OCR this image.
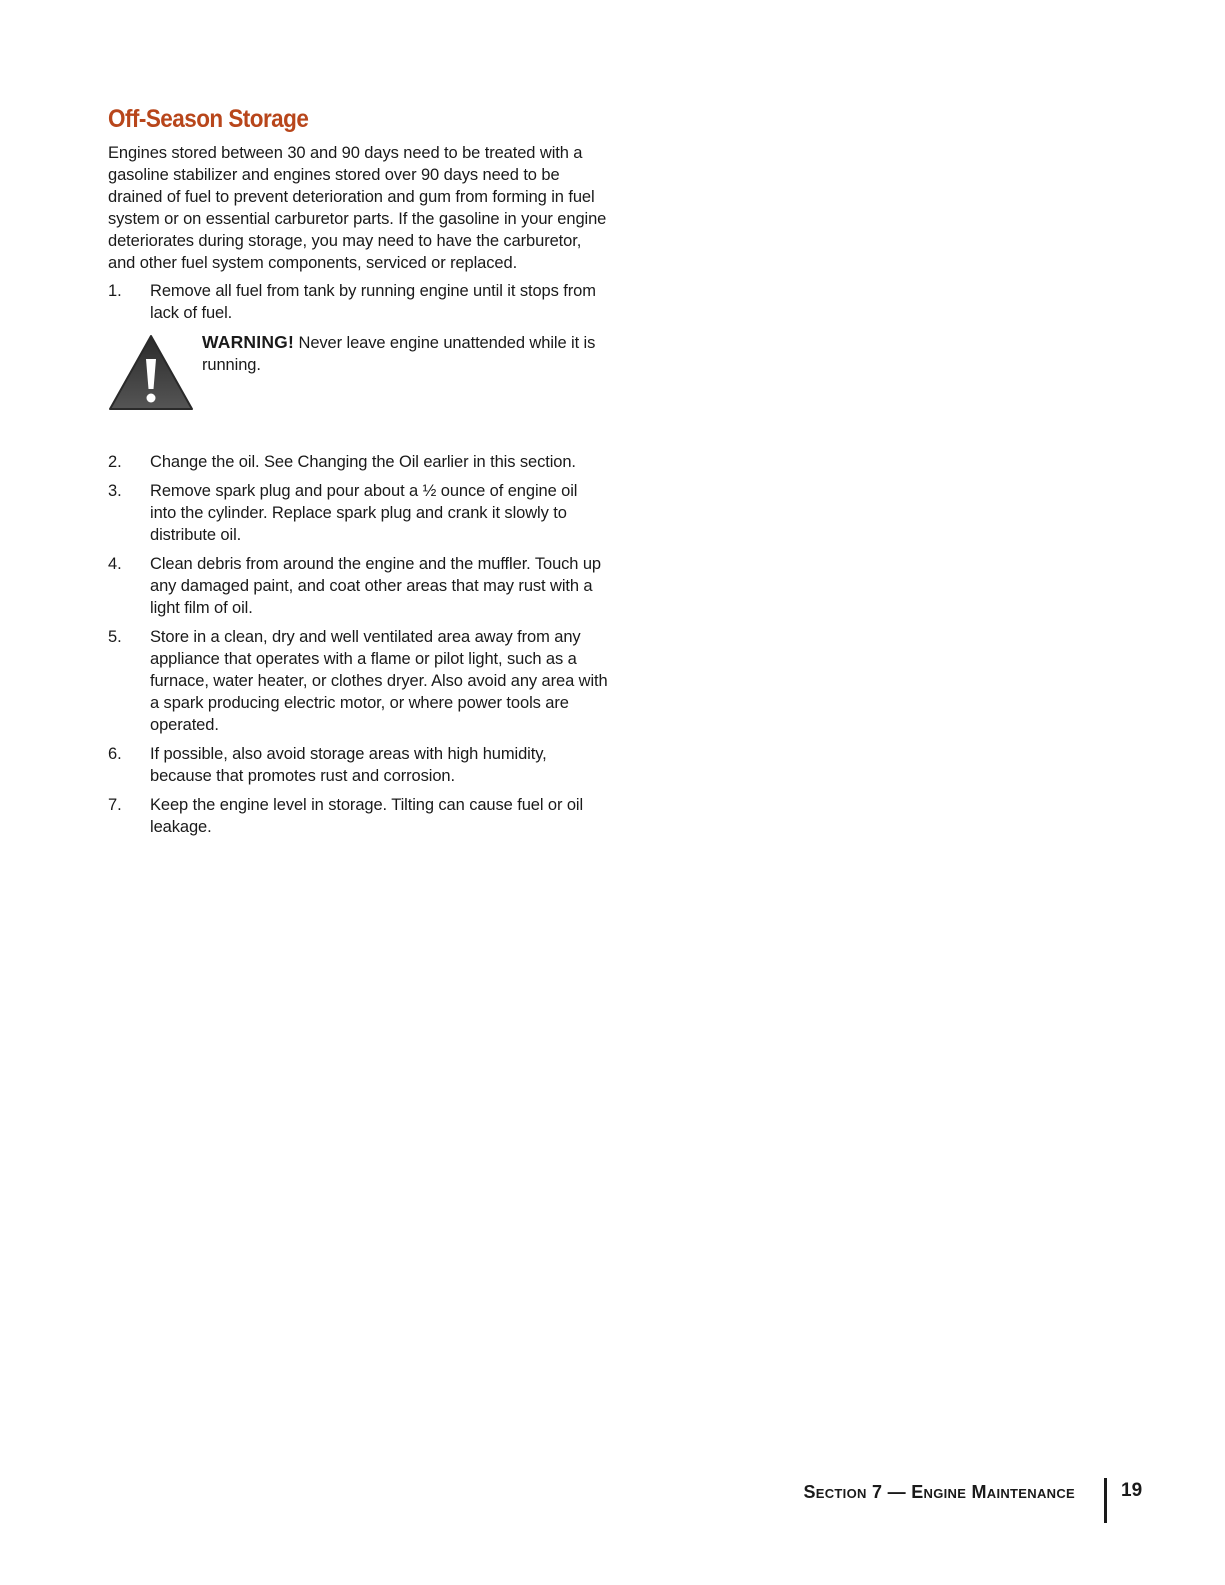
Off-Season Storage

Engines stored between 30 and 90 days need to be treated with a gasoline stabilizer and engines stored over 90 days need to be drained of fuel to prevent deterioration and gum from forming in fuel system or on essential carburetor parts. If the gasoline in your engine deteriorates during storage, you may need to have the carburetor, and other fuel system components, serviced or replaced.

1. Remove all fuel from tank by running engine until it stops from lack of fuel.
WARNING! Never leave engine unattended while it is running.
2. Change the oil. See Changing the Oil earlier in this section.
3. Remove spark plug and pour about a ½ ounce of engine oil into the cylinder. Replace spark plug and crank it slowly to distribute oil.
4. Clean debris from around the engine and the muffler. Touch up any damaged paint, and coat other areas that may rust with a light film of oil.
5. Store in a clean, dry and well ventilated area away from any appliance that operates with a flame or pilot light, such as a furnace, water heater, or clothes dryer. Also avoid any area with a spark producing electric motor, or where power tools are operated.
6. If possible, also avoid storage areas with high humidity, because that promotes rust and corrosion.
7. Keep the engine level in storage. Tilting can cause fuel or oil leakage.
Section 7 — Engine Maintenance 19
